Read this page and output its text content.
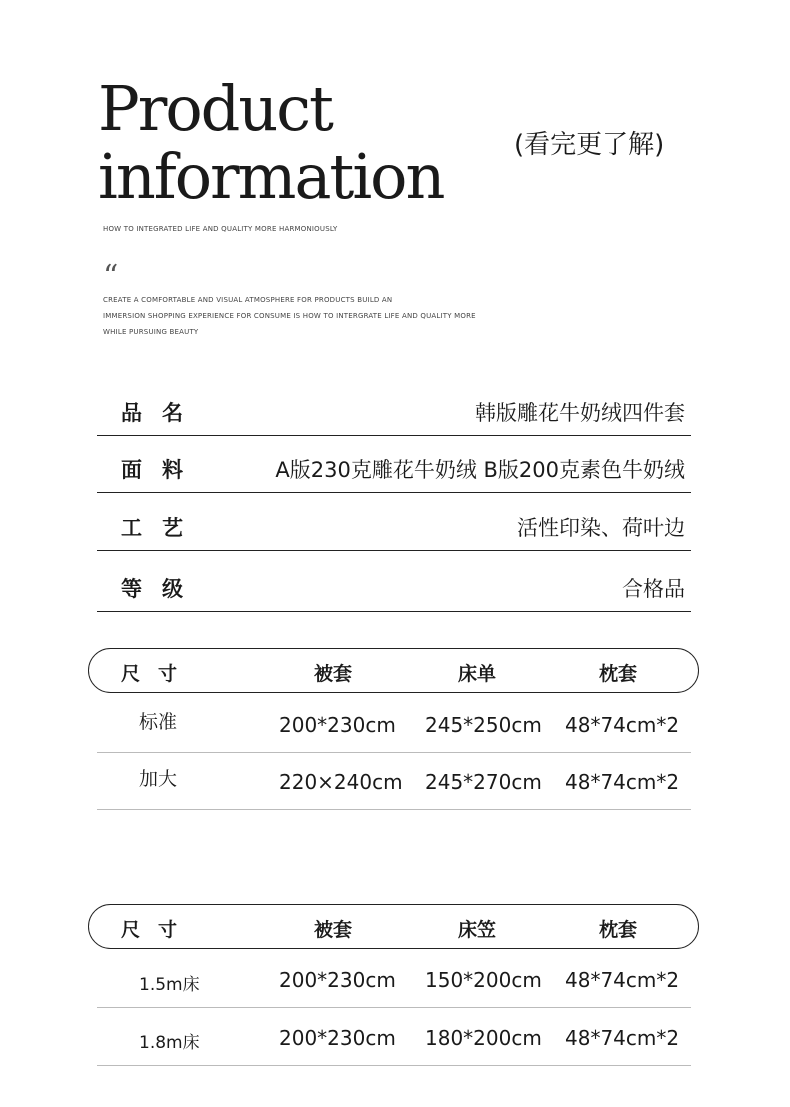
Product
information	(看完更了解)
HOW TO INTEGRATED LIFE AND QUALITY MORE HARMONIOUSLY
“
CREATE A COMFORTABLE AND VISUAL ATMOSPHERE FOR PRODUCTS BUILD AN
IMMERSION SHOPPING EXPERIENCE FOR CONSUME IS HOW TO INTERGRATE LIFE AND QUALITY MORE
WHILE PURSUING BEAUTY
品名	韩版雕花牛奶绒四件套
面料	A版230克雕花牛奶绒 B版200克素色牛奶绒
工艺	活性印染、荷叶边
等级	合格品
尺寸	被套	床单	枕套
标准	200*230cm 245*250cm 48*74cm*2
加大	220×240cm 245*270cm 48*74cm*2
尺寸	被套	床笠	枕套
1.5m床	200*230cm 150*200cm 48*74cm*2
1.8m床	200*230cm 180*200cm 48*74cm*2
